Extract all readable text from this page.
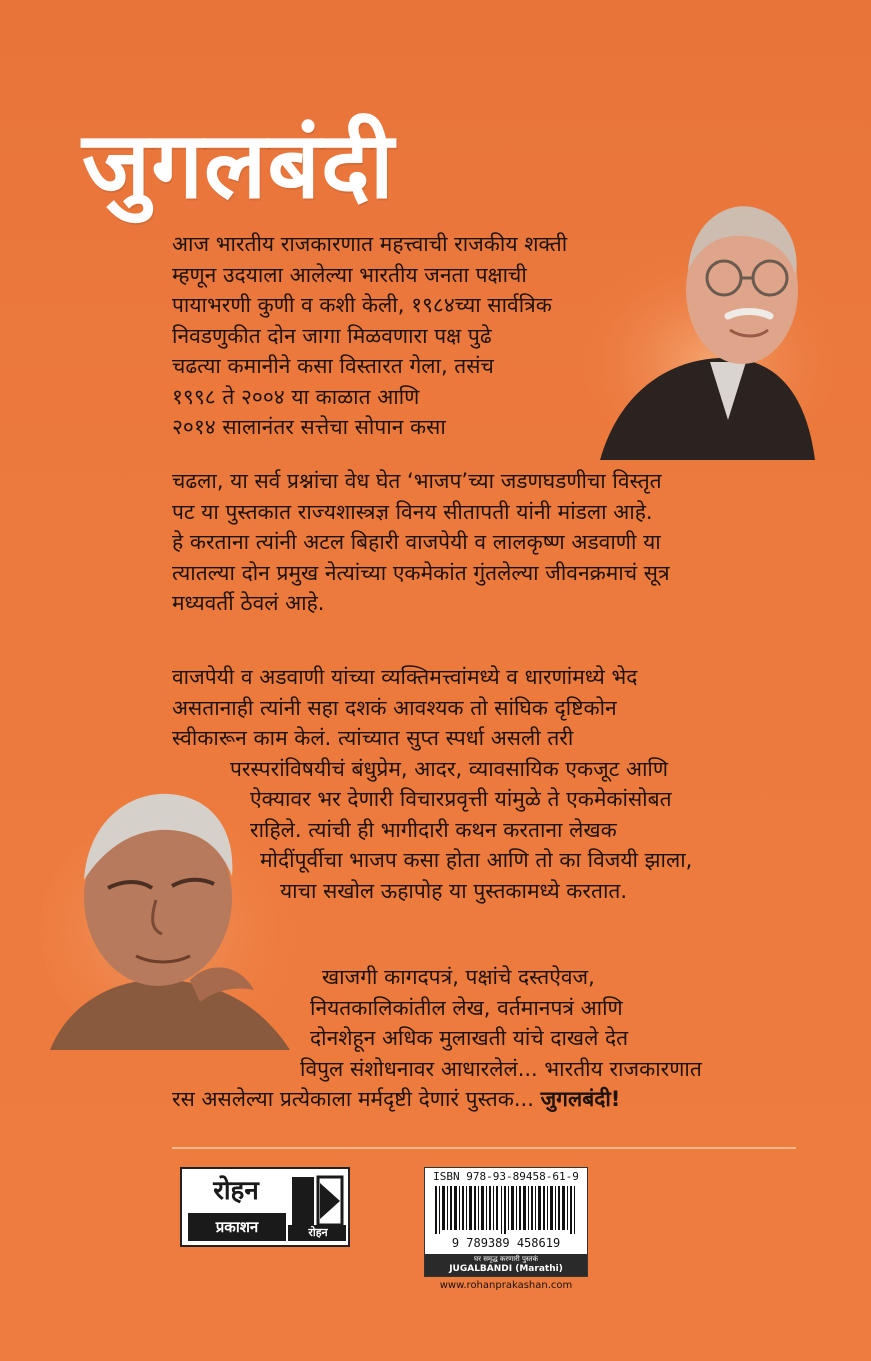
जुगलबंदी
आज भारतीय राजकारणात महत्त्वाची राजकीय शक्ती
म्हणून उदयाला आलेल्या भारतीय जनता पक्षाची
पायाभरणी कुणी व कशी केली, १९८४च्या सार्वत्रिक
निवडणुकीत दोन जागा मिळवणारा पक्ष पुढे
चढत्या कमानीने कसा विस्तारत गेला, तसंच
१९९८ ते २००४ या काळात आणि
२०१४ सालानंतर सत्तेचा सोपान कसा
चढला, या सर्व प्रश्नांचा वेध घेत ‘भाजप’च्या जडणघडणीचा विस्तृत
पट या पुस्तकात राज्यशास्त्रज्ञ विनय सीतापती यांनी मांडला आहे.
हे करताना त्यांनी अटल बिहारी वाजपेयी व लालकृष्ण अडवाणी या
त्यातल्या दोन प्रमुख नेत्यांच्या एकमेकांत गुंतलेल्या जीवनक्रमाचं सूत्र
मध्यवर्ती ठेवलं आहे.
वाजपेयी व अडवाणी यांच्या व्यक्तिमत्त्वांमध्ये व धारणांमध्ये भेद
असतानाही त्यांनी सहा दशकं आवश्यक तो सांघिक दृष्टिकोन
स्वीकारून काम केलं. त्यांच्यात सुप्त स्पर्धा असली तरी
परस्परांविषयीचं बंधुप्रेम, आदर, व्यावसायिक एकजूट आणि
ऐक्यावर भर देणारी विचारप्रवृत्ती यांमुळे ते एकमेकांसोबत
राहिले. त्यांची ही भागीदारी कथन करताना लेखक
मोदींपूर्वीचा भाजप कसा होता आणि तो का विजयी झाला,
याचा सखोल ऊहापोह या पुस्तकामध्ये करतात.
खाजगी कागदपत्रं, पक्षांचे दस्तऐवज,
नियतकालिकांतील लेख, वर्तमानपत्रं आणि
दोनशेहून अधिक मुलाखती यांचे दाखले देत
विपुल संशोधनावर आधारलेलं... भारतीय राजकारणात
रस असलेल्या प्रत्येकाला मर्मदृष्टी देणारं पुस्तक... जुगलबंदी!
रोहन
प्रकाशन	रोहन
ISBN 978-93-89458-61-9
9 789389 458619
घर समृद्ध करणारी पुस्तकं
JUGALBANDI (Marathi)
www.rohanprakashan.com
